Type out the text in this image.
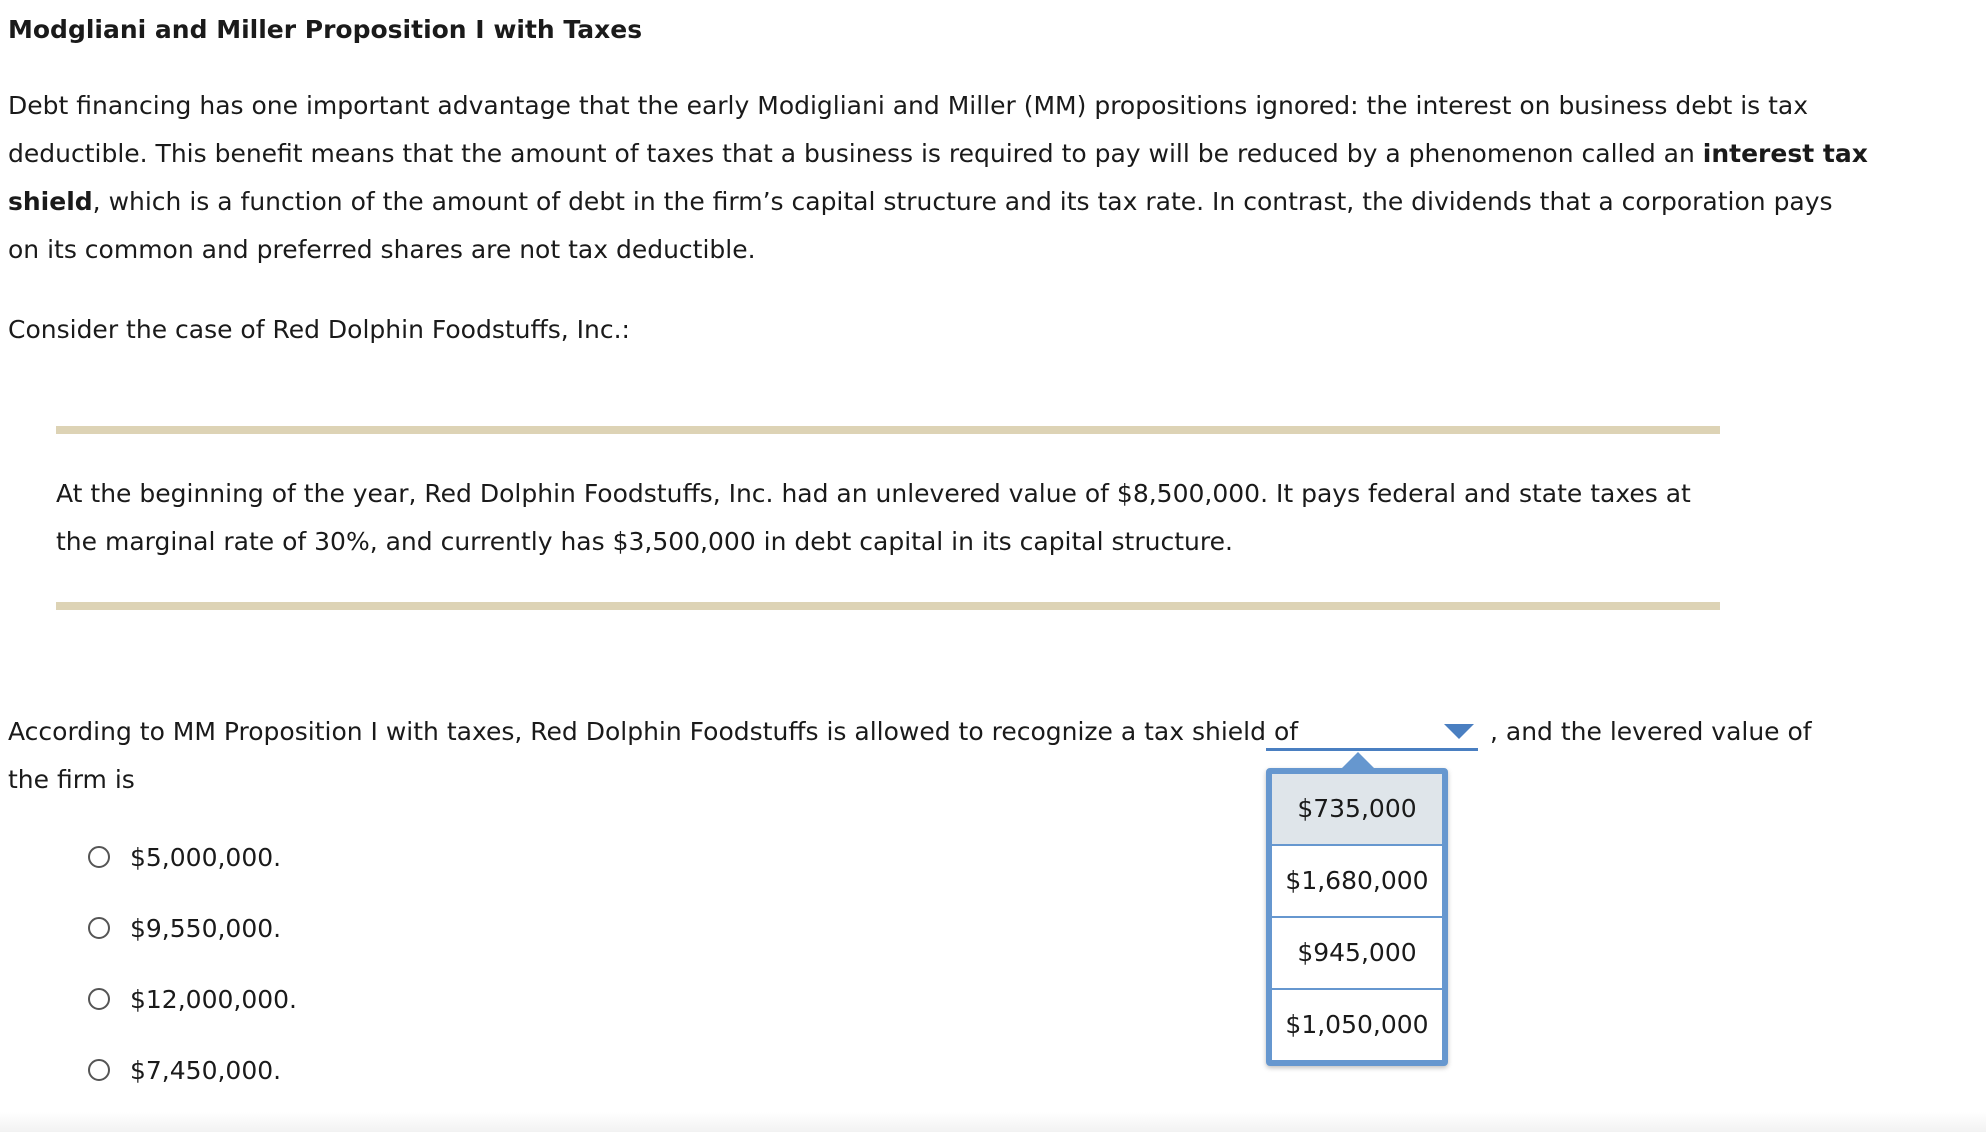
Modgliani and Miller Proposition I with Taxes

Debt financing has one important advantage that the early Modigliani and Miller (MM) propositions ignored: the interest on business debt is tax deductible. This benefit means that the amount of taxes that a business is required to pay will be reduced by a phenomenon called an interest tax shield, which is a function of the amount of debt in the firm’s capital structure and its tax rate. In contrast, the dividends that a corporation pays on its common and preferred shares are not tax deductible.

Consider the case of Red Dolphin Foodstuffs, Inc.:

At the beginning of the year, Red Dolphin Foodstuffs, Inc. had an unlevered value of $8,500,000. It pays federal and state taxes at the marginal rate of 30%, and currently has $3,500,000 in debt capital in its capital structure.

According to MM Proposition I with taxes, Red Dolphin Foodstuffs is allowed to recognize a tax shield of
the firm is
, and the levered value of
$735,000
$1,680,000
$945,000
$1,050,000
$5,000,000.
$9,550,000.
$12,000,000.
$7,450,000.
